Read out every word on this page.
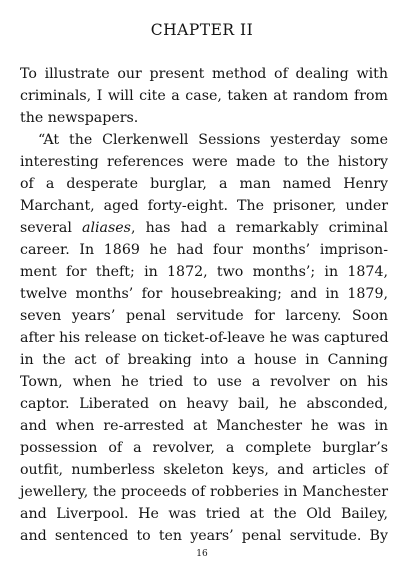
CHAPTER II
To illustrate our present method of dealing with
criminals, I will cite a case, taken at random from
the newspapers.
“At the Clerkenwell Sessions yesterday some
interesting references were made to the history
of a desperate burglar, a man named Henry
Marchant, aged forty-eight. The prisoner, under
several aliases, has had a remarkably criminal
career. In 1869 he had four months’ imprison-
ment for theft; in 1872, two months’; in 1874,
twelve months’ for housebreaking; and in 1879,
seven years’ penal servitude for larceny. Soon
after his release on ticket-of-leave he was captured
in the act of breaking into a house in Canning
Town, when he tried to use a revolver on his
captor. Liberated on heavy bail, he absconded,
and when re-arrested at Manchester he was in
possession of a revolver, a complete burglar’s
outfit, numberless skeleton keys, and articles of
jewellery, the proceeds of robberies in Manchester
and Liverpool. He was tried at the Old Bailey,
and sentenced to ten years’ penal servitude. By
16
